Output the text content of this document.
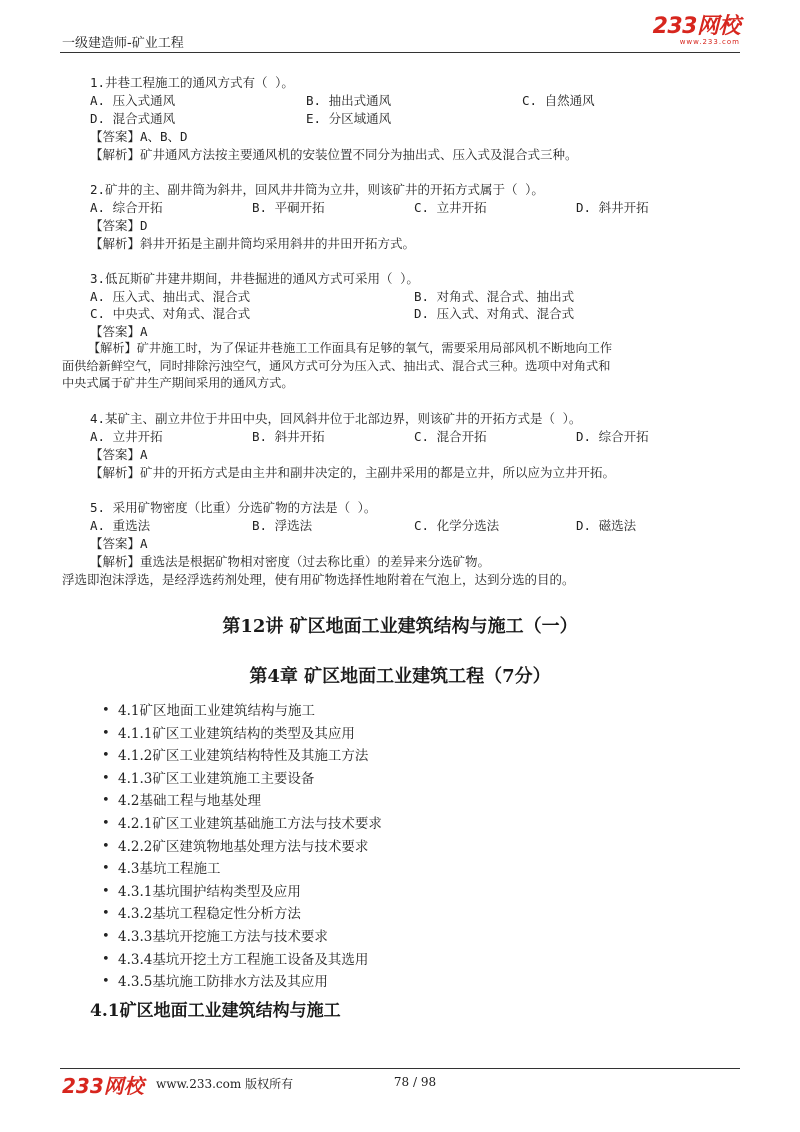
一级建造师-矿业工程
233网校
www.233.com
1.井巷工程施工的通风方式有（ ）。
A. 压入式通风	B. 抽出式通风	C. 自然通风
D. 混合式通风	E. 分区域通风
【答案】A、B、D
【解析】矿井通风方法按主要通风机的安装位置不同分为抽出式、压入式及混合式三种。
2.矿井的主、副井筒为斜井，回风井井筒为立井，则该矿井的开拓方式属于（ ）。
A. 综合开拓	B. 平硐开拓	C. 立井开拓	D. 斜井开拓
【答案】D
【解析】斜井开拓是主副井筒均采用斜井的井田开拓方式。
3.低瓦斯矿井建井期间，井巷掘进的通风方式可采用（ ）。
A. 压入式、抽出式、混合式	B. 对角式、混合式、抽出式
C. 中央式、对角式、混合式	D. 压入式、对角式、混合式
【答案】A
【解析】矿井施工时，为了保证井巷施工工作面具有足够的氧气，需要采用局部风机不断地向工作
面供给新鲜空气，同时排除污浊空气，通风方式可分为压入式、抽出式、混合式三种。选项中对角式和
中央式属于矿井生产期间采用的通风方式。
4.某矿主、副立井位于井田中央，回风斜井位于北部边界，则该矿井的开拓方式是（ ）。
A. 立井开拓	B. 斜井开拓	C. 混合开拓	D. 综合开拓
【答案】A
【解析】矿井的开拓方式是由主井和副井决定的，主副井采用的都是立井，所以应为立井开拓。
5. 采用矿物密度（比重）分选矿物的方法是（ ）。
A. 重选法	B. 浮选法	C. 化学分选法	D. 磁选法
【答案】A
【解析】重选法是根据矿物相对密度（过去称比重）的差异来分选矿物。
浮选即泡沫浮选，是经浮选药剂处理，使有用矿物选择性地附着在气泡上，达到分选的目的。
第12讲 矿区地面工业建筑结构与施工（一）
第4章 矿区地面工业建筑工程（7分）
• 4.1矿区地面工业建筑结构与施工
• 4.1.1矿区工业建筑结构的类型及其应用
• 4.1.2矿区工业建筑结构特性及其施工方法
• 4.1.3矿区工业建筑施工主要设备
• 4.2基础工程与地基处理
• 4.2.1矿区工业建筑基础施工方法与技术要求
• 4.2.2矿区建筑物地基处理方法与技术要求
• 4.3基坑工程施工
• 4.3.1基坑围护结构类型及应用
• 4.3.2基坑工程稳定性分析方法
• 4.3.3基坑开挖施工方法与技术要求
• 4.3.4基坑开挖土方工程施工设备及其选用
• 4.3.5基坑施工防排水方法及其应用
4.1矿区地面工业建筑结构与施工
233网校 www.233.com 版权所有	78 / 98
